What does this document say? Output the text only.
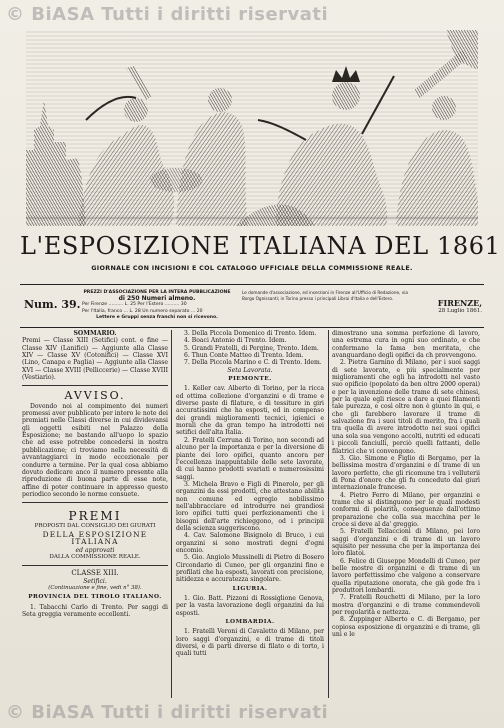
© BiASA Tutti i diritti riservati
L'ESPOSIZIONE ITALIANA DEL 1861
GIORNALE CON INCISIONI E COL CATALOGO UFFICIALE DELLA COMMISSIONE REALE.
Num. 39.
PREZZI D'ASSOCIAZIONE PER LA INTERA PUBBLICAZIONE
di 250 Numeri almeno.
Per Firenze .......... L. 25 Per l'Estero .......... 30
Per l'Italia, franco ... L. 28 Un numero separato ... 20
Lettere e Gruppi senza franchi non si ricevono.
Le domande d'associazione, ed inserzioni in Firenze all'Ufficio di Redazione, via Borgo Ognissanti; in Torino presso i principali Librai d'Italia e dell'Estero.	FIRENZE,
28 Luglio 1861.
SOMMARIO.

Premi — Classe XIII (Setifici) cont. e fine — Classe XIV (Lanifici) — Aggiunte alla Classe XIV — Classe XV (Cotonifici) — Classe XVI (Lino, Canapa e Paglia) — Aggiunte alla Classe XVI — Classe XVIII (Pelliccerie) — Classe XVIII (Vestiario).

AVVISO.

Dovendo noi al compimento dei numeri promessi aver pubblicato per intero le note dei premiati nelle Classi diverse in cui dividevansi gli oggetti esibiti nel Palazzo della Esposizione; ne bastando all'uopo lo spazio che ad esse potrebbe concedersi in nostra pubblicazione; ci troviamo nella necessità di avvantaggiarci in modo eccezionale per condurre a termine. Per la qual cosa abbiamo dovuto dedicare anco il numero presente alla riproduzione di buona parte di esse note, affine di poter continuare in appresso questo periodico secondo le norme consuete.

PREMI
PROPOSTI DAL CONSIGLIO DEI GIURATI
DELLA ESPOSIZIONE ITALIANA
ed approvati
DALLA COMMISSIONE REALE.
CLASSE XIII.
Setifici.
(Continuazione e fine, vedi n° 38).
PROVINCIA DEL TIROLO ITALIANO.

1. Tabacchi Carlo di Trento. Per saggi di Seta greggia veramente eccellenti.

3. Della Piccola Domenico di Trento. Idem.

4. Boaci Antonio di Trento. Idem.

5. Grandi Fratelli, di Pergine, Trento. Idem.

6. Thun Conte Matteo di Trento. Idem.

7. Della Piccola Marino e C. di Trento. Idem.

Seta Lavorata.
PIEMONTE.

1. Keller cav. Alberto di Torino, per la ricca ed ottima collezione d'organzini e di trame e diverse paste di filature, e di tessiture in giri accuratissimi che ha esposti, ed in compenso dei grandi miglioramenti tecnici, igienici e morali che da gran tempo ha introdotti nei setifici dell'alta Italia.

2. Fratelli Cerruna di Torino, non secondi ad alcuno per la importanza e per la diversione di piante dei loro opifici, quanto ancora per l'eccellenza inappuntabile delle sete lavorate, di cui hanno prodotti svariati e numerosissimi saggi.

3. Michela Bravo e Figli di Pinerolo, per gli organzini da essi prodotti, che attestano abilità non comune ed egregio nobilissimo nell'abbracciare ed introdurre nei grandiosi loro opifici tutti quei perfezionamenti che i bisogni dell'arte richieggono, od i principii della scienza suggeriscono.

4. Cav. Salomone Bisignolo di Bruco, i cui organzini si sono mostrati degni d'ogni encomio.

5. Gio. Angiolo Mussinelli di Pietro di Bosero Circondario di Cuneo, per gli organzini fino e profilati che ha esposti, lavorati con precisione, nitidezza e accuratezza singolare.

LIGURIA.

1. Gio. Batt. Pizzoni di Rossiglione Genova, per la vasta lavorazione degli organzini da lui esposti.

LOMBARDIA.

1. Fratelli Veroni di Cavaletto di Milano, per loro saggi d'organzini, e di trame di titoli diversi, e di parti diverse di filato e di torto, i quali tutti

dimostrano una somma perfezione di lavoro, una estrema cura in ogni suo ordinato, e che confermano la fama ben meritata, che avanguardano degli opifici da ch provvengono.

2. Pietra Garnino di Milano, per i suoi saggi di sete lavorate, e più specialmente per miglioramenti che egli ha introdotti nel vasto suo opificio (popolato da ben oltre 2000 operai) e per la invenzione delle trame di sete chinesi, per la quale egli riesce a dare a quei filamenti tale purezza, e così oltre non è giunto in qui, e che gli farebbero lavorare il trame di salvazione fra i suoi titoli di merito, fra i quali tra quella di avere introdotto nei suoi opifici una sola sua vengono accolti, nutriti ed educati i piccoli fanciulli, perciò quelli fattanti, delle filatrici che vi convengono.

3. Gio. Simone e Figlio di Bergamo, per la bellissima mostra d'organzini e di trame di un lavoro perfetto, che gli ricomune tra i velluterii di Pona d'onore che gli fu conceduto dal giurì internazionale francese.

4. Pietro Ferro di Milano, per organzini e trame che si distinguono per le quali modesti conformi di polarità, conseguenze dall'ottimo preparazione che colla sua macchina per le croce si deve al da' greggio.

5. Fratelli Tellaccioni di Milano, pei loro saggi d'organzini e di trame di un lavoro squisito per nessuna che per la importanza dei loro filatoi.

6. Felice di Giuseppe Mondelli di Cuneo, per belle mostre di organzini e di trame di un lavoro perfettissimo che valgono a conservare quella riputazione onorata, che già gode fra i produttori lombardi.

7. Fratelli Rouchetti di Milano, per la loro mostra d'organzini e di trame commendevoli per regolarità e nettezza.

8. Zuppinger Alberto e C. di Bergamo, per copiosa esposizione di organzini e di trame, gli uni e le

© BiASA Tutti i diritti riservati
